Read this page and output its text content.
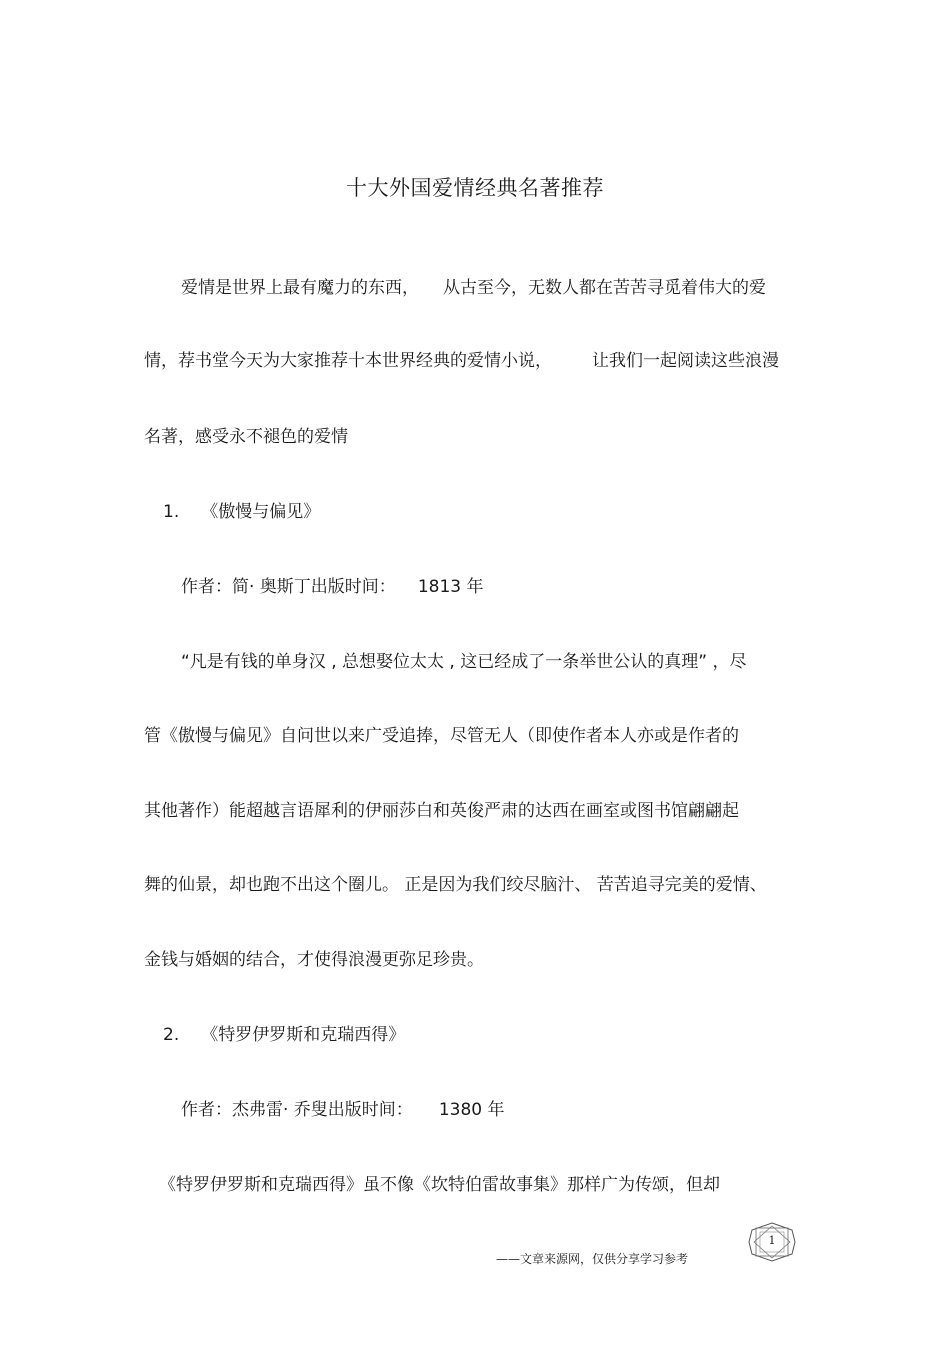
十大外国爱情经典名著推荐
爱情是世界上最有魔力的东西， 从古至今，无数人都在苦苦寻觅着伟大的爱
情，荐书堂今天为大家推荐十本世界经典的爱情小说， 让我们一起阅读这些浪漫
名著，感受永不褪色的爱情
1. 《傲慢与偏见》
作者：简· 奥斯丁出版时间： 1813 年
“凡是有钱的单身汉 , 总想娶位太太 , 这已经成了一条举世公认的真理” ，尽
管《傲慢与偏见》自问世以来广受追捧，尽管无人（即使作者本人亦或是作者的
其他著作）能超越言语犀利的伊丽莎白和英俊严肃的达西在画室或图书馆翩翩起
舞的仙景，却也跑不出这个圈儿。 正是因为我们绞尽脑汁、 苦苦追寻完美的爱情、
金钱与婚姻的结合，才使得浪漫更弥足珍贵。
2. 《特罗伊罗斯和克瑞西得》
作者：杰弗雷· 乔叟出版时间： 1380 年
《特罗伊罗斯和克瑞西得》虽不像《坎特伯雷故事集》那样广为传颂，但却
——文章来源网，仅供分享学习参考
1
